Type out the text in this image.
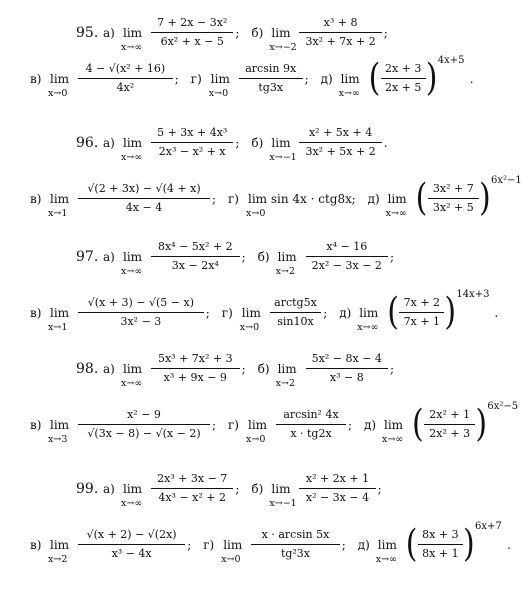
95. а) lim
x→∞
7 + 2x − 3x²
6x² + x − 5
; б) lim
x→−2
x³ + 8
3x² + 7x + 2
;
в) lim
x→0
4 − √(x² + 16)
4x²
; г) lim
x→0
arcsin 9x
tg3x
; д) lim
x→∞ ( 2x + 3
2x + 5 ) 4x+5
.
96. а) lim
x→∞
5 + 3x + 4x³
2x³ − x² + x
; б) lim
x→−1
x² + 5x + 4
3x² + 5x + 2
.
в) lim
x→1
√(2 + 3x) − √(4 + x)
4x − 4
; г) lim sin 4x · ctg8x
x→0
; д) lim
x→∞ ( 3x² + 7
3x² + 5 ) 6x²−1
97. а) lim
x→∞
8x⁴ − 5x² + 2
3x − 2x⁴
; б) lim
x→2
x⁴ − 16
2x² − 3x − 2
;
в) lim
x→1
√(x + 3) − √(5 − x)
3x² − 3
; г) lim
x→0
arctg5x
sin10x
; д) lim
x→∞ ( 7x + 2
7x + 1 ) 14x+3
.
98. а) lim
x→∞
5x³ + 7x² + 3
x³ + 9x − 9
; б) lim
x→2
5x² − 8x − 4
x³ − 8
;
в) lim
x→3
x² − 9
√(3x − 8) − √(x − 2)
; г) lim
x→0
arcsin² 4x
x · tg2x
; д) lim
x→∞ ( 2x² + 1
2x² + 3 ) 6x²−5
99. а) lim
x→∞
2x³ + 3x − 7
4x³ − x² + 2
; б) lim
x→−1
x² + 2x + 1
x² − 3x − 4
;
в) lim
x→2
√(x + 2) − √(2x)
x³ − 4x
; г) lim
x→0
x · arcsin 5x
tg²3x
; д) lim
x→∞ ( 8x + 3
8x + 1 ) 6x+7
.
